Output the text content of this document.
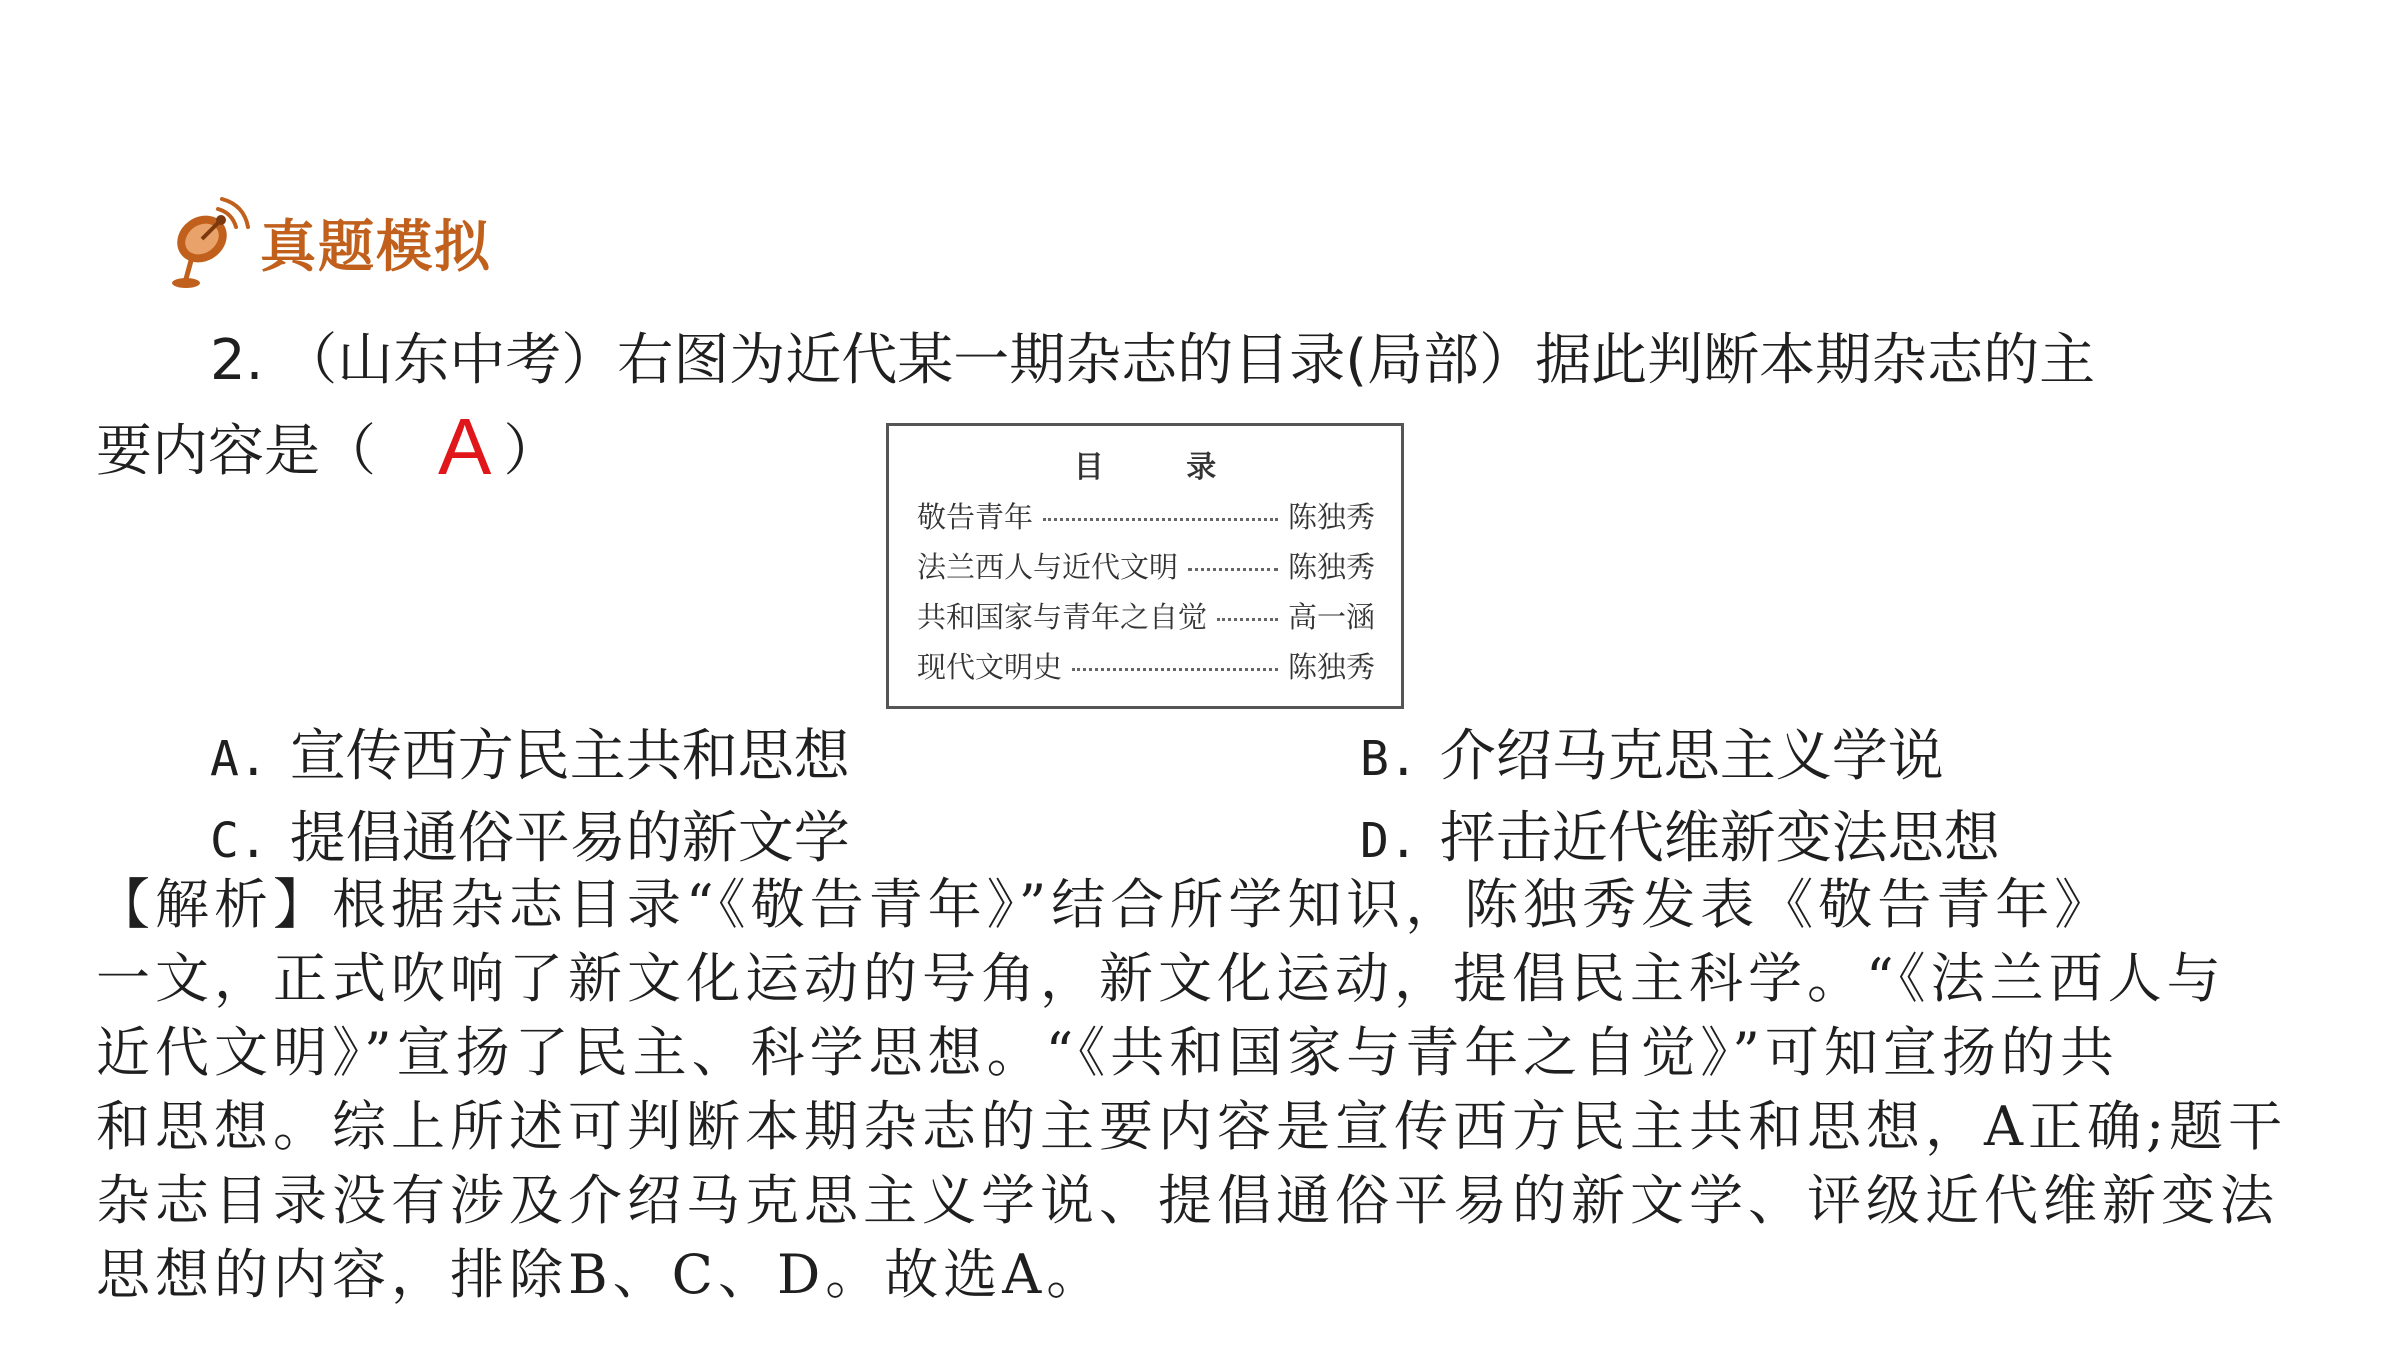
真题模拟
2. （山东中考）右图为近代某一期杂志的目录(局部）据此判断本期杂志的主
要内容是（ A ）	目 录
敬告青年	陈独秀
法兰西人与近代文明	陈独秀
共和国家与青年之自觉	高一涵
现代文明史	陈独秀
A. 宣传西方民主共和思想	B. 介绍马克思主义学说
C. 提倡通俗平易的新文学	D. 抨击近代维新变法思想
【解析】根据杂志目录“《敬告青年》”结合所学知识，陈独秀发表《敬告青年》
一文，正式吹响了新文化运动的号角，新文化运动，提倡民主科学。“《法兰西人与
近代文明》”宣扬了民主、科学思想。“《共和国家与青年之自觉》”可知宣扬的共
和思想。综上所述可判断本期杂志的主要内容是宣传西方民主共和思想，A正确;题干
杂志目录没有涉及介绍马克思主义学说、提倡通俗平易的新文学、评级近代维新变法
思想的内容，排除B、C、D。故选A。
